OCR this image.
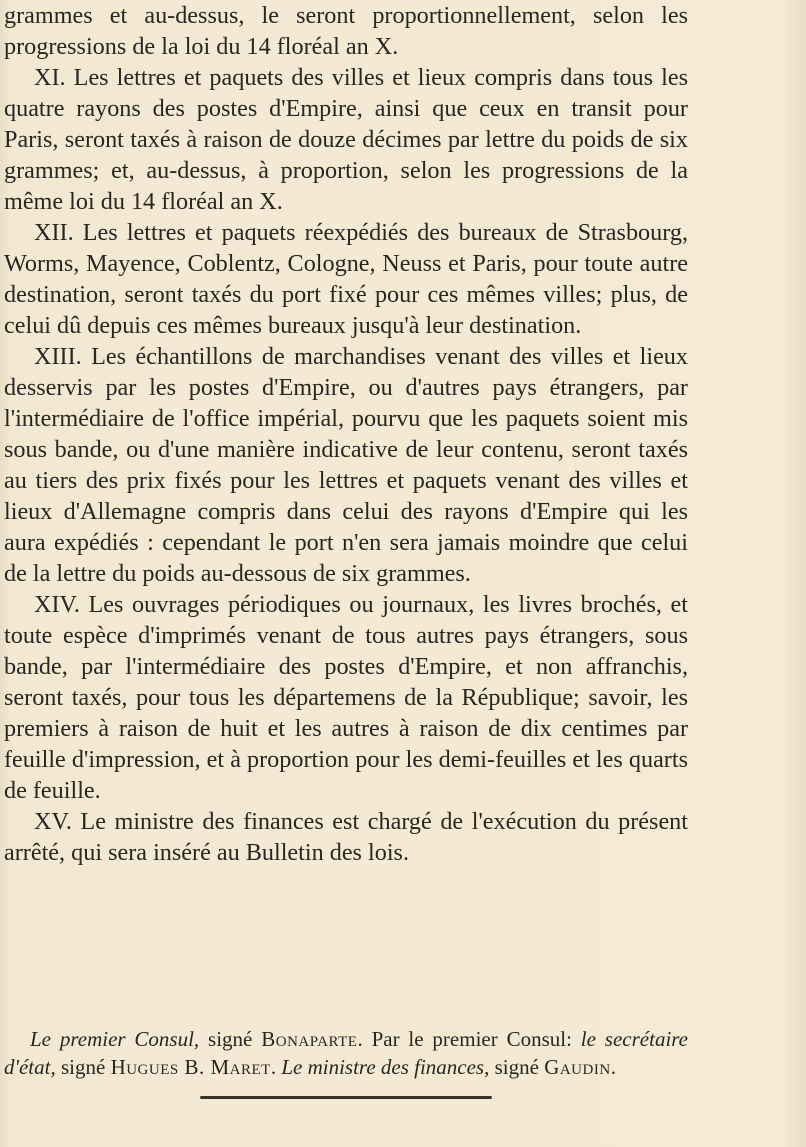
grammes et au-dessus, le seront proportionnellement, selon les progressions de la loi du 14 floréal an X.

XI. Les lettres et paquets des villes et lieux compris dans tous les quatre rayons des postes d'Empire, ainsi que ceux en transit pour Paris, seront taxés à raison de douze décimes par lettre du poids de six grammes; et, au-dessus, à proportion, selon les progressions de la même loi du 14 floréal an X.

XII. Les lettres et paquets réexpédiés des bureaux de Strasbourg, Worms, Mayence, Coblentz, Cologne, Neuss et Paris, pour toute autre destination, seront taxés du port fixé pour ces mêmes villes; plus, de celui dû depuis ces mêmes bureaux jusqu'à leur destination.

XIII. Les échantillons de marchandises venant des villes et lieux desservis par les postes d'Empire, ou d'autres pays étrangers, par l'intermédiaire de l'office impérial, pourvu que les paquets soient mis sous bande, ou d'une manière indicative de leur contenu, seront taxés au tiers des prix fixés pour les lettres et paquets venant des villes et lieux d'Allemagne compris dans celui des rayons d'Empire qui les aura expédiés : cependant le port n'en sera jamais moindre que celui de la lettre du poids au-dessous de six grammes.

XIV. Les ouvrages périodiques ou journaux, les livres brochés, et toute espèce d'imprimés venant de tous autres pays étrangers, sous bande, par l'intermédiaire des postes d'Empire, et non affranchis, seront taxés, pour tous les départemens de la République; savoir, les premiers à raison de huit et les autres à raison de dix centimes par feuille d'impression, et à proportion pour les demi-feuilles et les quarts de feuille.

XV. Le ministre des finances est chargé de l'exécution du présent arrêté, qui sera inséré au Bulletin des lois.

Le premier Consul, signé Bonaparte. Par le premier Consul: le secrétaire d'état, signé Hugues B. Maret. Le ministre des finances, signé Gaudin.
